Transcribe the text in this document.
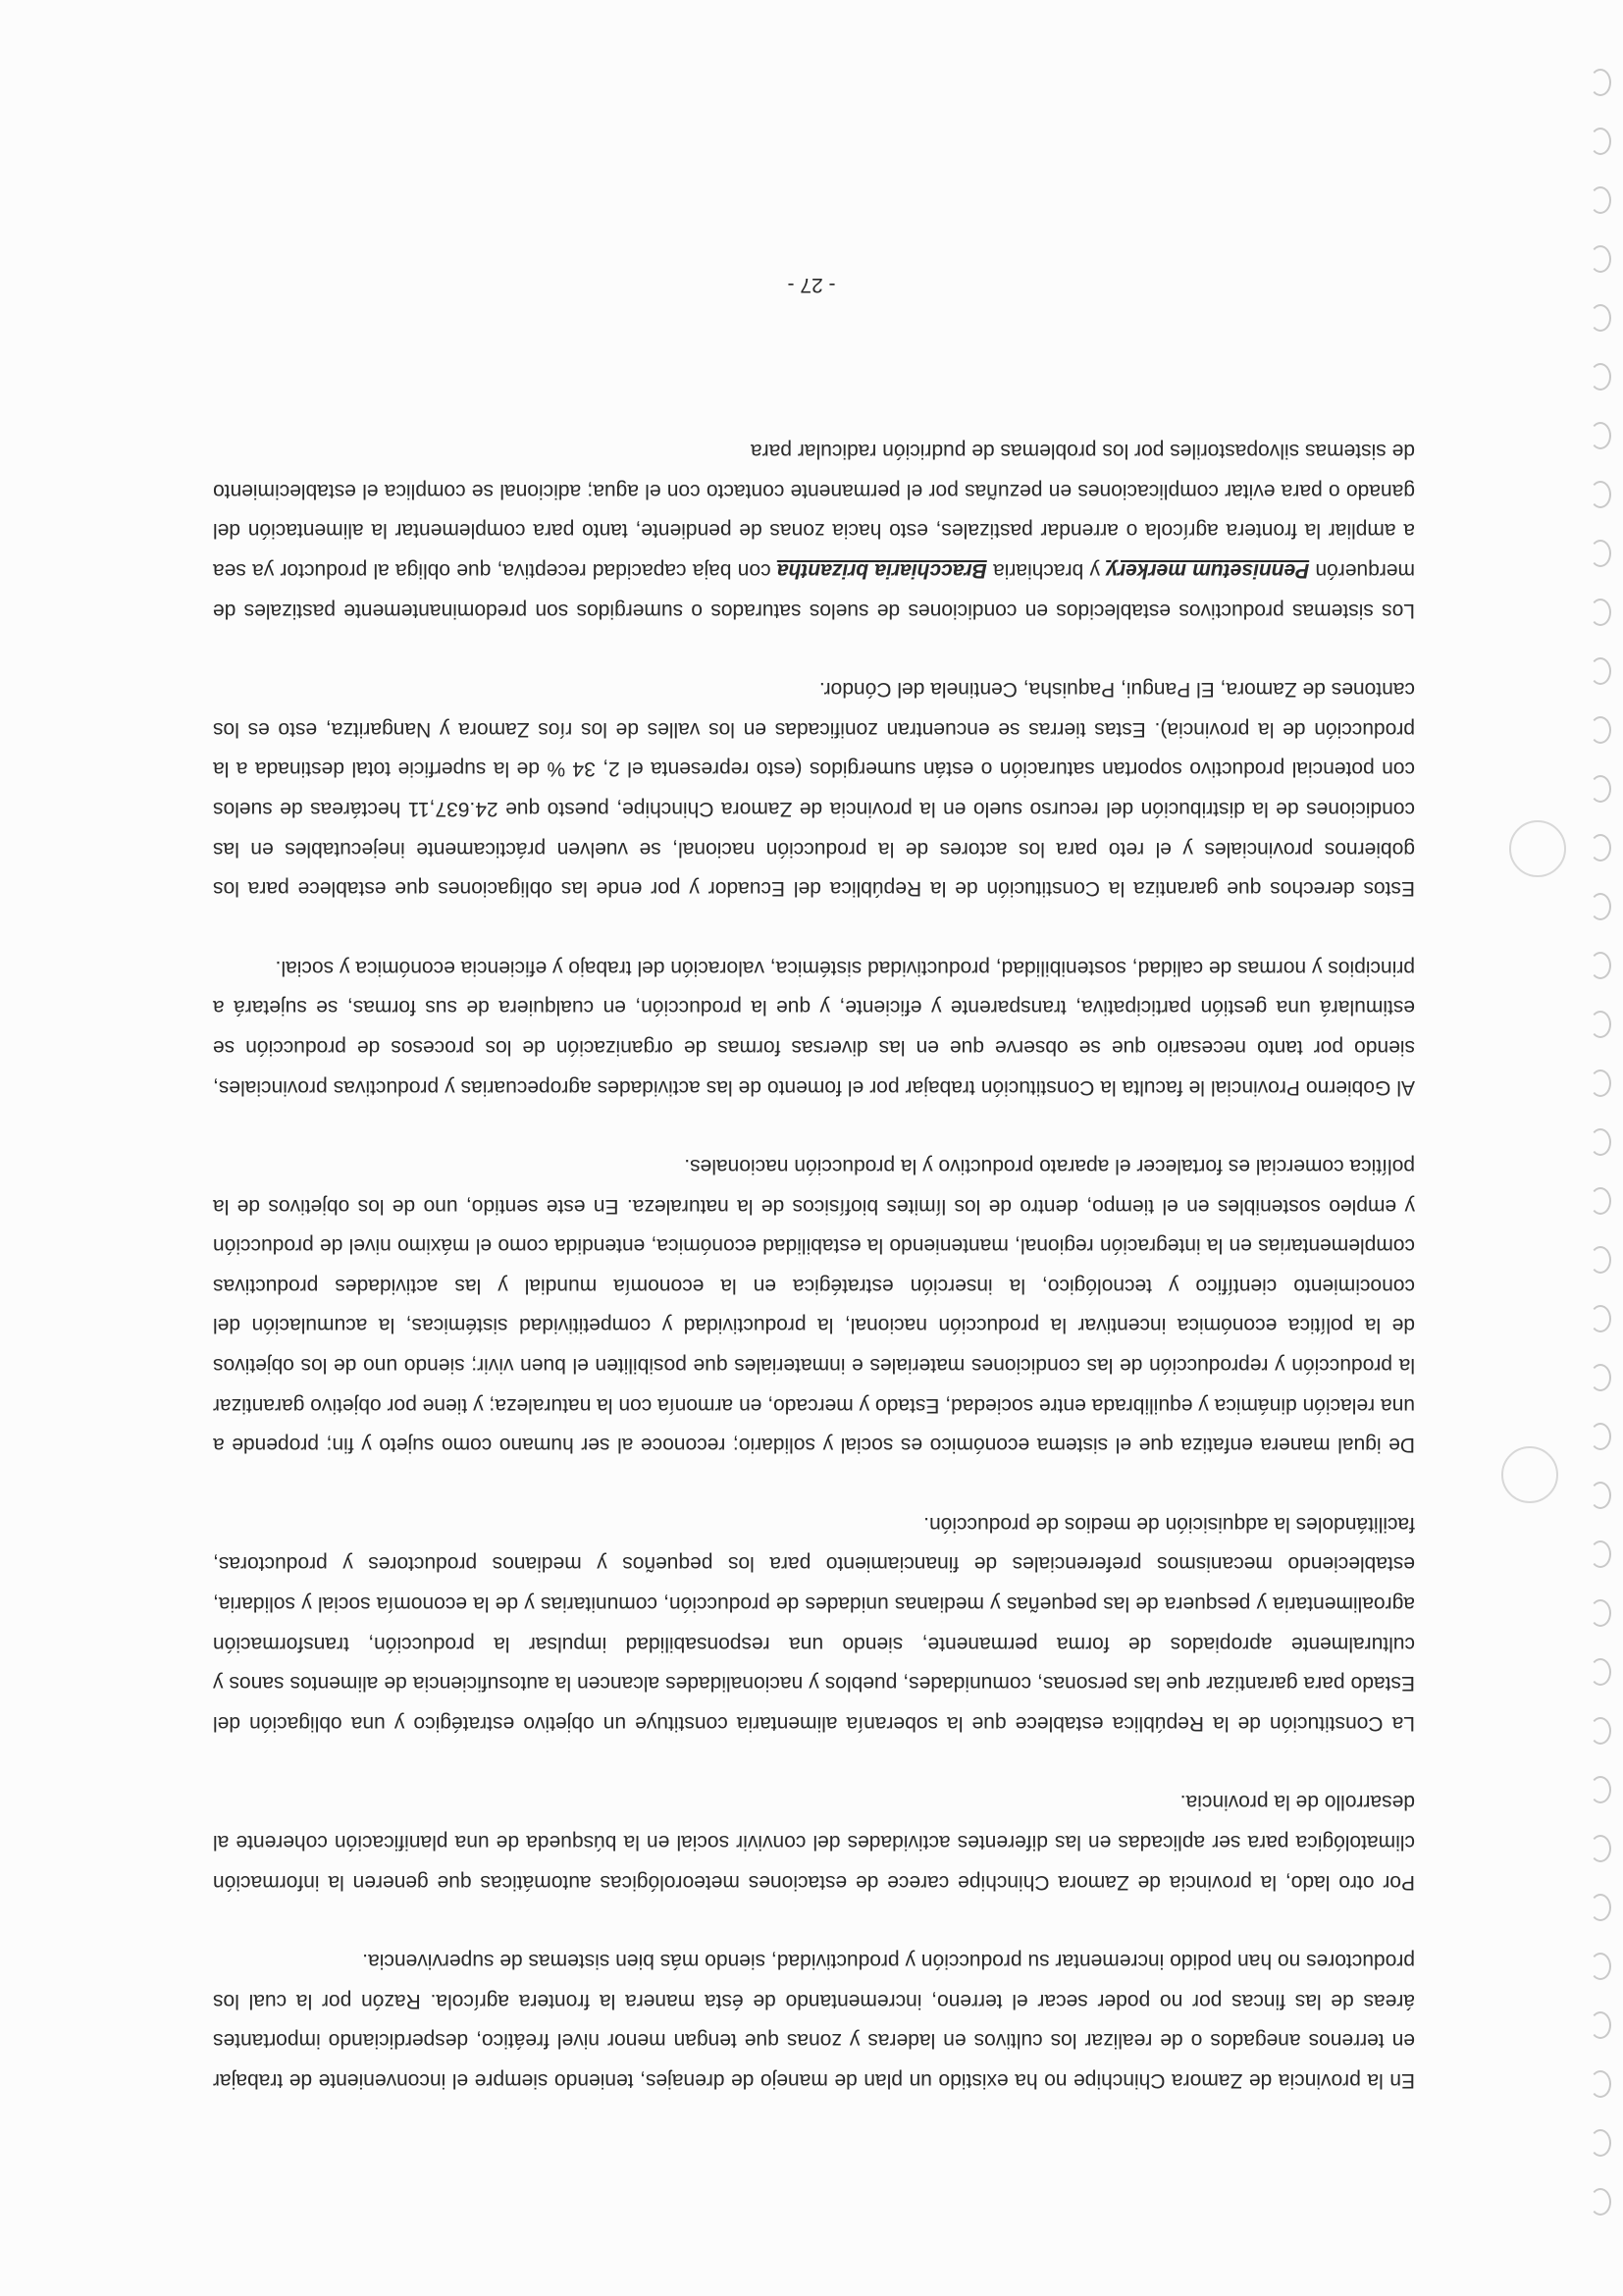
En la provincia de Zamora Chinchipe no ha existido un plan de manejo de drenajes, teniendo siempre el inconveniente de trabajar en terrenos anegados o de realizar los cultivos en laderas y zonas que tengan menor nivel freático, desperdiciando importantes áreas de las fincas por no poder secar el terreno, incrementando de ésta manera la frontera agrícola. Razón por la cual los productores no han podido incrementar su producción y productividad, siendo más bien sistemas de supervivencia.

Por otro lado, la provincia de Zamora Chinchipe carece de estaciones meteorológicas automáticas que generen la información climatológica para ser aplicadas en las diferentes actividades del convivir social en la búsqueda de una planificación coherente al desarrollo de la provincia.

La Constitución de la República establece que la soberanía alimentaria constituye un objetivo estratégico y una obligación del Estado para garantizar que las personas, comunidades, pueblos y nacionalidades alcancen la autosuficiencia de alimentos sanos y culturalmente apropiados de forma permanente, siendo una responsabilidad impulsar la producción, transformación agroalimentaria y pesquera de las pequeñas y medianas unidades de producción, comunitarias y de la economía social y solidaria, estableciendo mecanismos preferenciales de financiamiento para los pequeños y medianos productores y productoras, facilitándoles la adquisición de medios de producción.

De igual manera enfatiza que el sistema económico es social y solidario; reconoce al ser humano como sujeto y fin; propende a una relación dinámica y equilibrada entre sociedad, Estado y mercado, en armonía con la naturaleza; y tiene por objetivo garantizar la producción y reproducción de las condiciones materiales e inmateriales que posibiliten el buen vivir; siendo uno de los objetivos de la política económica incentivar la producción nacional, la productividad y competitividad sistémicas, la acumulación del conocimiento científico y tecnológico, la inserción estratégica en la economía mundial y las actividades productivas complementarias en la integración regional, manteniendo la estabilidad económica, entendida como el máximo nivel de producción y empleo sostenibles en el tiempo, dentro de los límites biofísicos de la naturaleza. En este sentido, uno de los objetivos de la política comercial es fortalecer el aparato productivo y la producción nacionales.

Al Gobierno Provincial le faculta la Constitución trabajar por el fomento de las actividades agropecuarias y productivas provinciales, siendo por tanto necesario que se observe que en las diversas formas de organización de los procesos de producción se estimulará una gestión participativa, transparente y eficiente, y que la producción, en cualquiera de sus formas, se sujetará a principios y normas de calidad, sostenibilidad, productividad sistémica, valoración del trabajo y eficiencia económica y social.

Estos derechos que garantiza la Constitución de la República del Ecuador y por ende las obligaciones que establece para los gobiernos provinciales y el reto para los actores de la producción nacional, se vuelven prácticamente inejecutables en las condiciones de la distribución del recurso suelo en la provincia de Zamora Chinchipe, puesto que 24.637,11 hectáreas de suelos con potencial productivo soportan saturación o están sumergidos (esto representa el 2, 34 % de la superficie total destinada a la producción de la provincia). Estas tierras se encuentran zonificadas en los valles de los ríos Zamora y Nangaritza, esto es los cantones de Zamora, El Pangui, Paquisha, Centinela del Cóndor.

Los sistemas productivos establecidos en condiciones de suelos saturados o sumergidos son predominantemente pastizales de merquerón Pennisetum merkery y brachiaria Bracchiaria brizantha con baja capacidad receptiva, que obliga al productor ya sea a ampliar la frontera agrícola o arrendar pastizales, esto hacia zonas de pendiente, tanto para complementar la alimentación del ganado o para evitar complicaciones en pezuñas por el permanente contacto con el agua; adicional se complica el establecimiento de sistemas silvopastoriles por los problemas de pudrición radicular para

- 27 -
